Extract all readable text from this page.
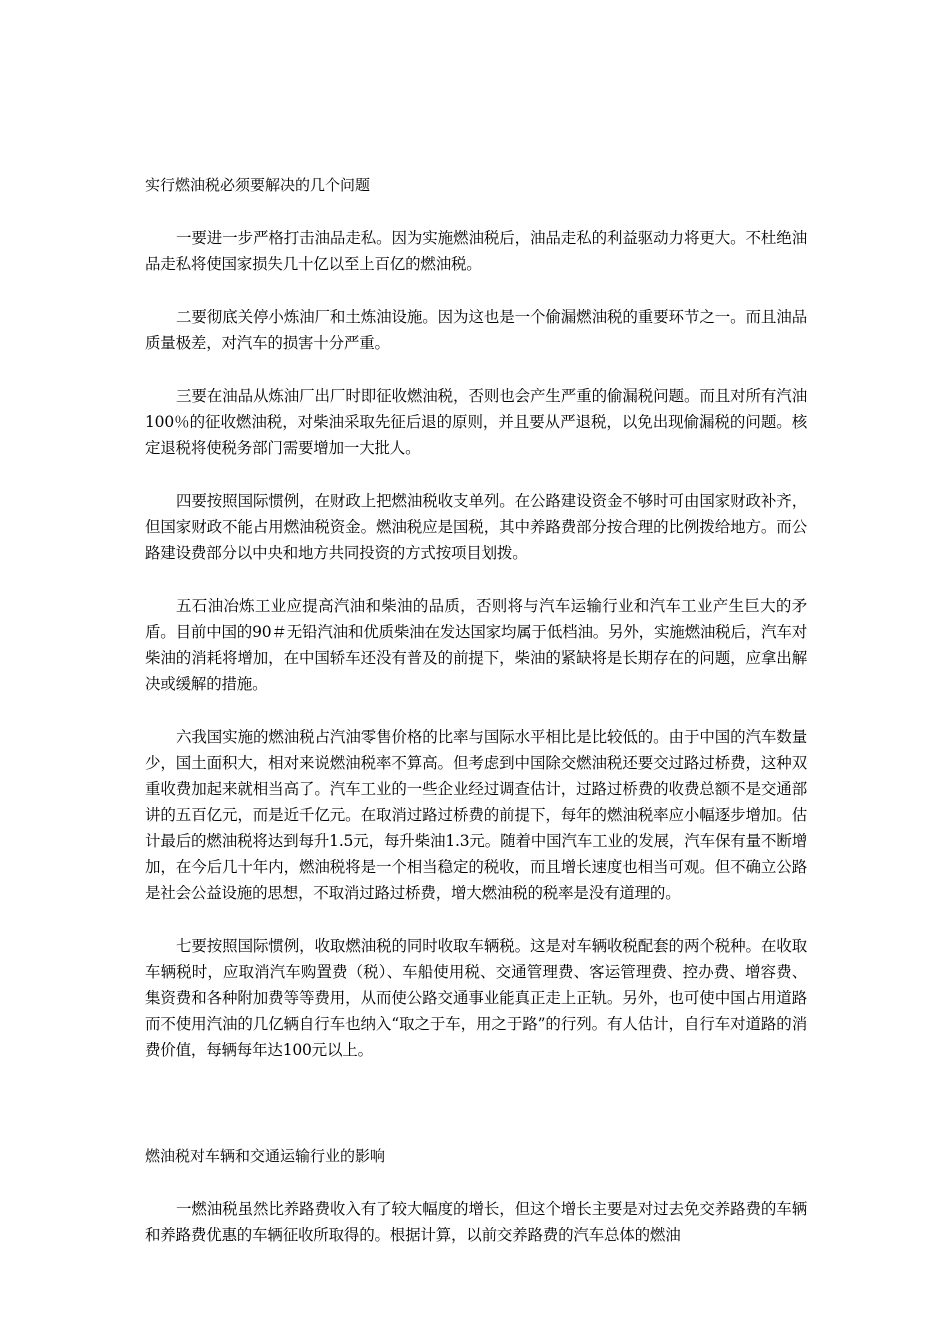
实行燃油税必须要解决的几个问题

一要进一步严格打击油品走私。因为实施燃油税后，油品走私的利益驱动力将更大。不杜绝油品走私将使国家损失几十亿以至上百亿的燃油税。

二要彻底关停小炼油厂和土炼油设施。因为这也是一个偷漏燃油税的重要环节之一。而且油品质量极差，对汽车的损害十分严重。

三要在油品从炼油厂出厂时即征收燃油税，否则也会产生严重的偷漏税问题。而且对所有汽油100％的征收燃油税，对柴油采取先征后退的原则，并且要从严退税，以免出现偷漏税的问题。核定退税将使税务部门需要增加一大批人。

四要按照国际惯例，在财政上把燃油税收支单列。在公路建设资金不够时可由国家财政补齐，但国家财政不能占用燃油税资金。燃油税应是国税，其中养路费部分按合理的比例拨给地方。而公路建设费部分以中央和地方共同投资的方式按项目划拨。

五石油冶炼工业应提高汽油和柴油的品质，否则将与汽车运输行业和汽车工业产生巨大的矛盾。目前中国的90＃无铅汽油和优质柴油在发达国家均属于低档油。另外，实施燃油税后，汽车对柴油的消耗将增加，在中国轿车还没有普及的前提下，柴油的紧缺将是长期存在的问题，应拿出解决或缓解的措施。

六我国实施的燃油税占汽油零售价格的比率与国际水平相比是比较低的。由于中国的汽车数量少，国土面积大，相对来说燃油税率不算高。但考虑到中国除交燃油税还要交过路过桥费，这种双重收费加起来就相当高了。汽车工业的一些企业经过调查估计，过路过桥费的收费总额不是交通部讲的五百亿元，而是近千亿元。在取消过路过桥费的前提下，每年的燃油税率应小幅逐步增加。估计最后的燃油税将达到每升1.5元，每升柴油1.3元。随着中国汽车工业的发展，汽车保有量不断增加，在今后几十年内，燃油税将是一个相当稳定的税收，而且增长速度也相当可观。但不确立公路是社会公益设施的思想，不取消过路过桥费，增大燃油税的税率是没有道理的。

七要按照国际惯例，收取燃油税的同时收取车辆税。这是对车辆收税配套的两个税种。在收取车辆税时，应取消汽车购置费（税）、车船使用税、交通管理费、客运管理费、控办费、增容费、集资费和各种附加费等等费用，从而使公路交通事业能真正走上正轨。另外，也可使中国占用道路而不使用汽油的几亿辆自行车也纳入“取之于车，用之于路”的行列。有人估计，自行车对道路的消费价值，每辆每年达100元以上。

燃油税对车辆和交通运输行业的影响

一燃油税虽然比养路费收入有了较大幅度的增长，但这个增长主要是对过去免交养路费的车辆和养路费优惠的车辆征收所取得的。根据计算，以前交养路费的汽车总体的燃油
